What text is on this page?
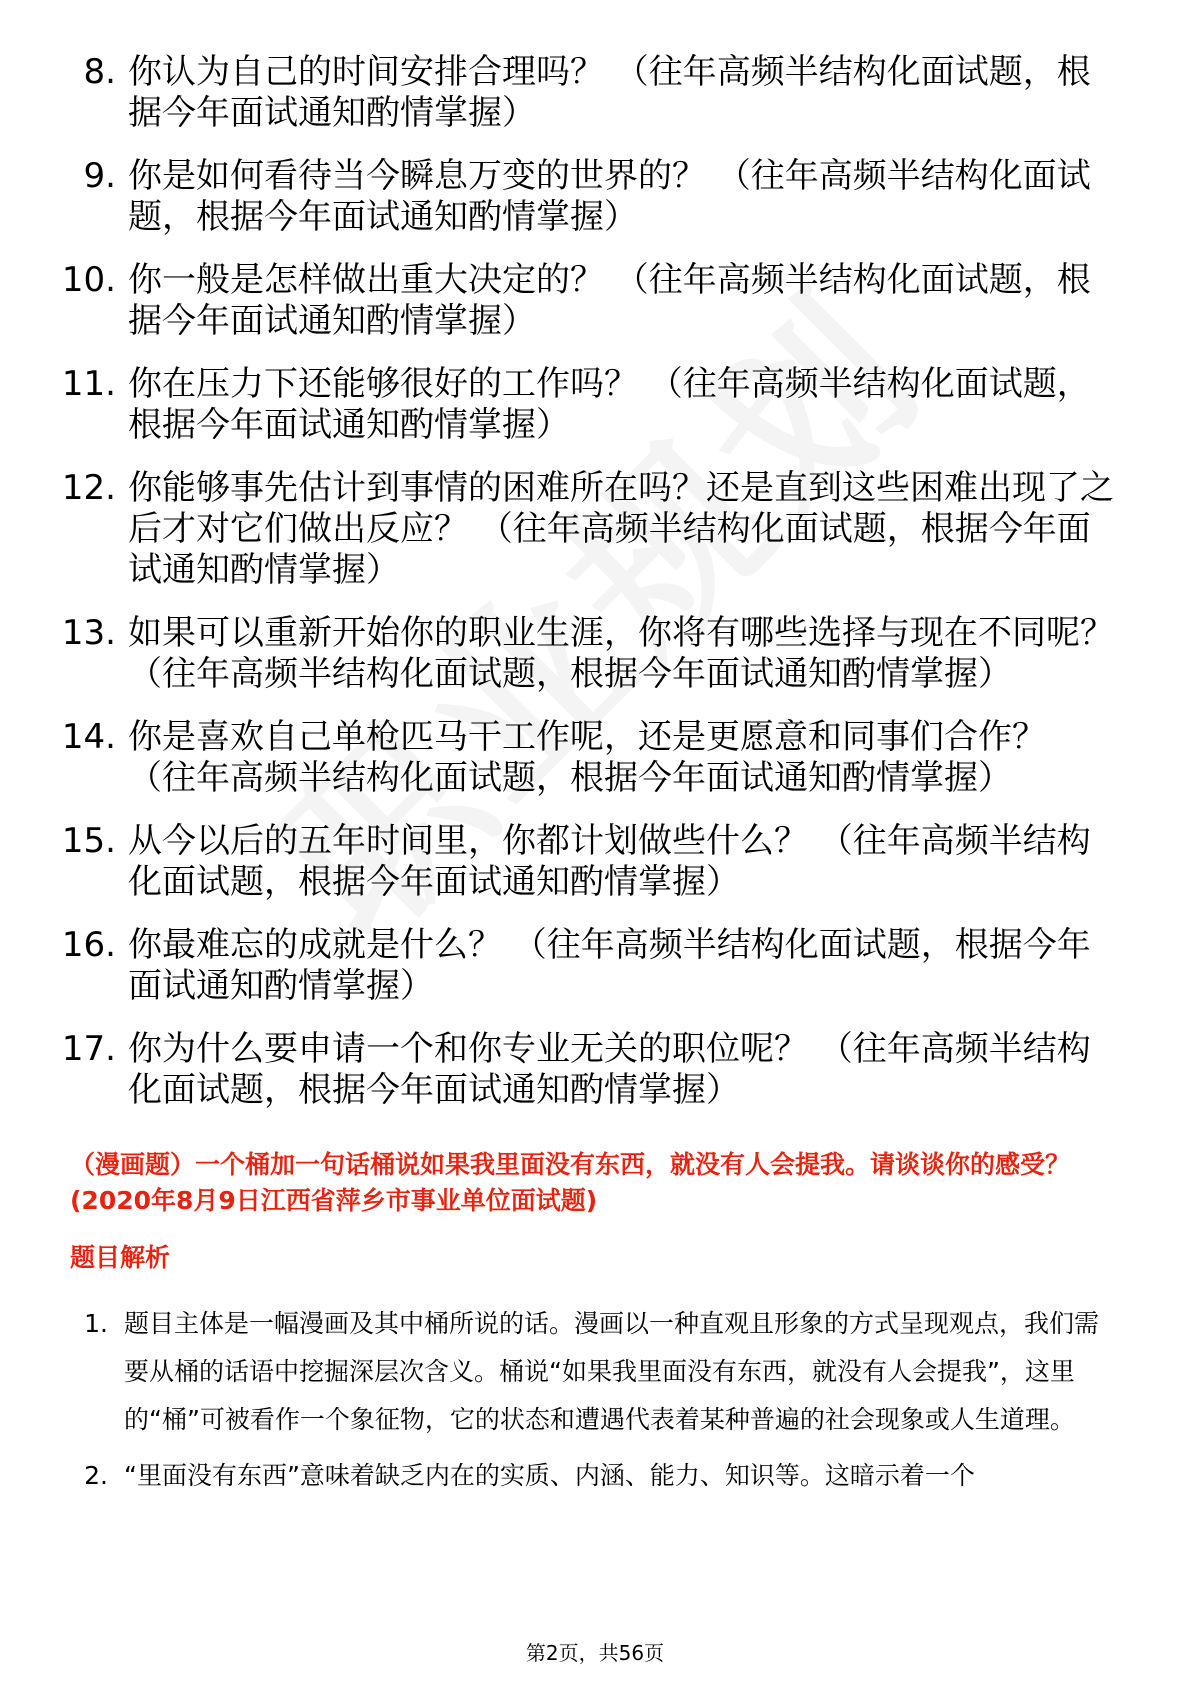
8. 你认为自己的时间安排合理吗？ （往年高频半结构化面试题，根据今年面试通知酌情掌握）
9. 你是如何看待当今瞬息万变的世界的？ （往年高频半结构化面试题，根据今年面试通知酌情掌握）
10. 你一般是怎样做出重大决定的？ （往年高频半结构化面试题，根据今年面试通知酌情掌握）
11. 你在压力下还能够很好的工作吗？ （往年高频半结构化面试题，根据今年面试通知酌情掌握）
12. 你能够事先估计到事情的困难所在吗？还是直到这些困难出现了之后才对它们做出反应？ （往年高频半结构化面试题，根据今年面试通知酌情掌握）
13. 如果可以重新开始你的职业生涯，你将有哪些选择与现在不同呢？ （往年高频半结构化面试题，根据今年面试通知酌情掌握）
14. 你是喜欢自己单枪匹马干工作呢，还是更愿意和同事们合作？ （往年高频半结构化面试题，根据今年面试通知酌情掌握）
15. 从今以后的五年时间里，你都计划做些什么？ （往年高频半结构化面试题，根据今年面试通知酌情掌握）
16. 你最难忘的成就是什么？ （往年高频半结构化面试题，根据今年面试通知酌情掌握）
17. 你为什么要申请一个和你专业无关的职位呢？ （往年高频半结构化面试题，根据今年面试通知酌情掌握）
（漫画题）一个桶加一句话桶说如果我里面没有东西，就没有人会提我。请谈谈你的感受？(2020年8月9日江西省萍乡市事业单位面试题)
题目解析
1. 题目主体是一幅漫画及其中桶所说的话。漫画以一种直观且形象的方式呈现观点，我们需要从桶的话语中挖掘深层次含义。桶说“如果我里面没有东西，就没有人会提我”，这里的“桶”可被看作一个象征物，它的状态和遭遇代表着某种普遍的社会现象或人生道理。
2. “里面没有东西”意味着缺乏内在的实质、内涵、能力、知识等。这暗示着一个
第2页，共56页
